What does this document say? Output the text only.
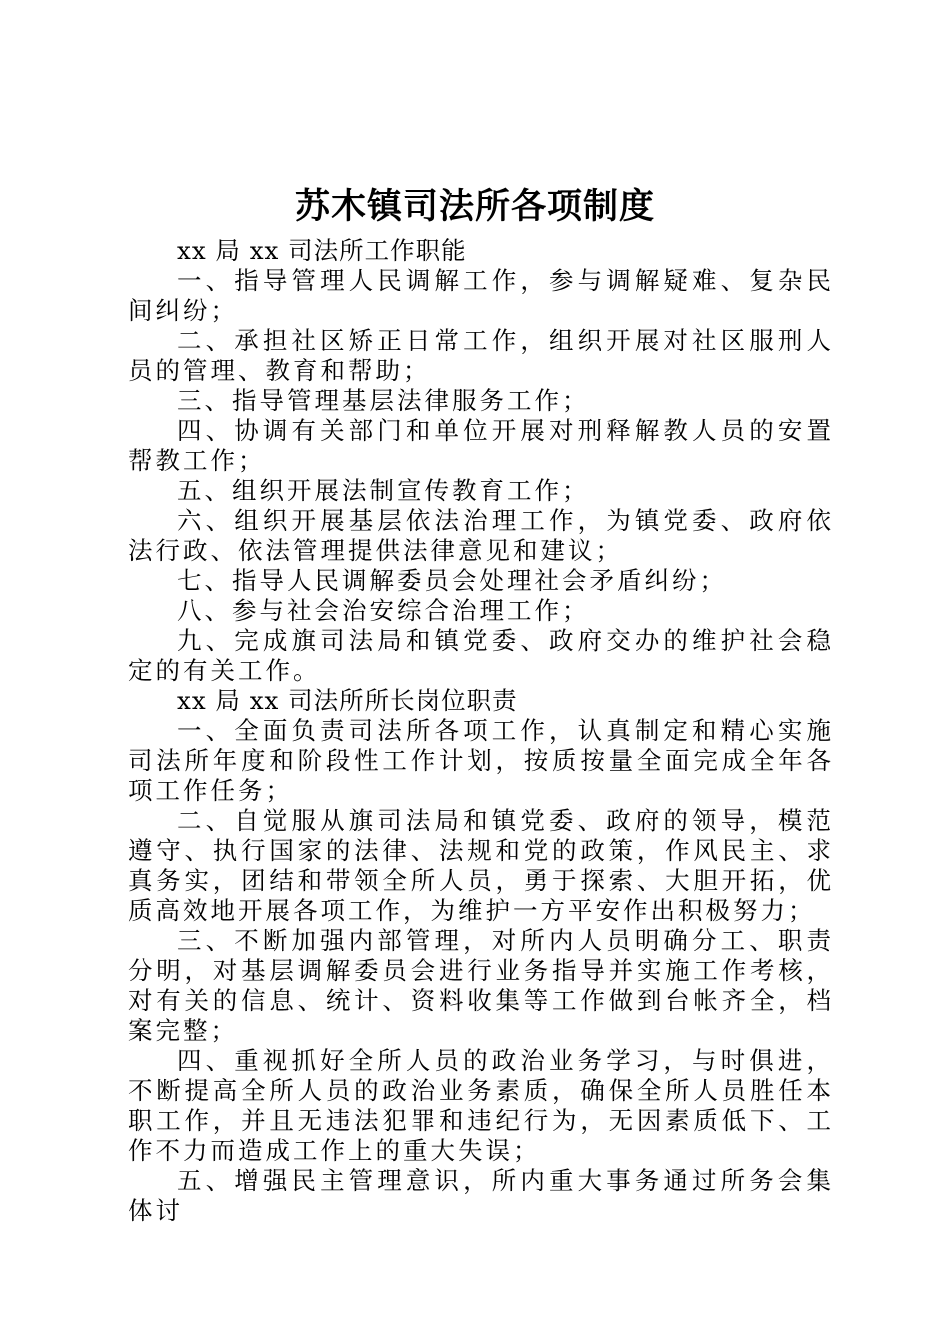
苏木镇司法所各项制度

xx 局 xx 司法所工作职能

一、指导管理人民调解工作，参与调解疑难、复杂民间纠纷；

二、承担社区矫正日常工作，组织开展对社区服刑人员的管理、教育和帮助；

三、指导管理基层法律服务工作；

四、协调有关部门和单位开展对刑释解教人员的安置帮教工作；

五、组织开展法制宣传教育工作；

六、组织开展基层依法治理工作，为镇党委、政府依法行政、依法管理提供法律意见和建议；

七、指导人民调解委员会处理社会矛盾纠纷；

八、参与社会治安综合治理工作；

九、完成旗司法局和镇党委、政府交办的维护社会稳定的有关工作。

xx 局 xx 司法所所长岗位职责

一、全面负责司法所各项工作，认真制定和精心实施司法所年度和阶段性工作计划，按质按量全面完成全年各项工作任务；

二、自觉服从旗司法局和镇党委、政府的领导，模范遵守、执行国家的法律、法规和党的政策，作风民主、求真务实，团结和带领全所人员，勇于探索、大胆开拓，优质高效地开展各项工作，为维护一方平安作出积极努力；

三、不断加强内部管理，对所内人员明确分工、职责分明，对基层调解委员会进行业务指导并实施工作考核，对有关的信息、统计、资料收集等工作做到台帐齐全，档案完整；

四、重视抓好全所人员的政治业务学习，与时俱进，不断提高全所人员的政治业务素质，确保全所人员胜任本职工作，并且无违法犯罪和违纪行为，无因素质低下、工作不力而造成工作上的重大失误；

五、增强民主管理意识，所内重大事务通过所务会集体讨
